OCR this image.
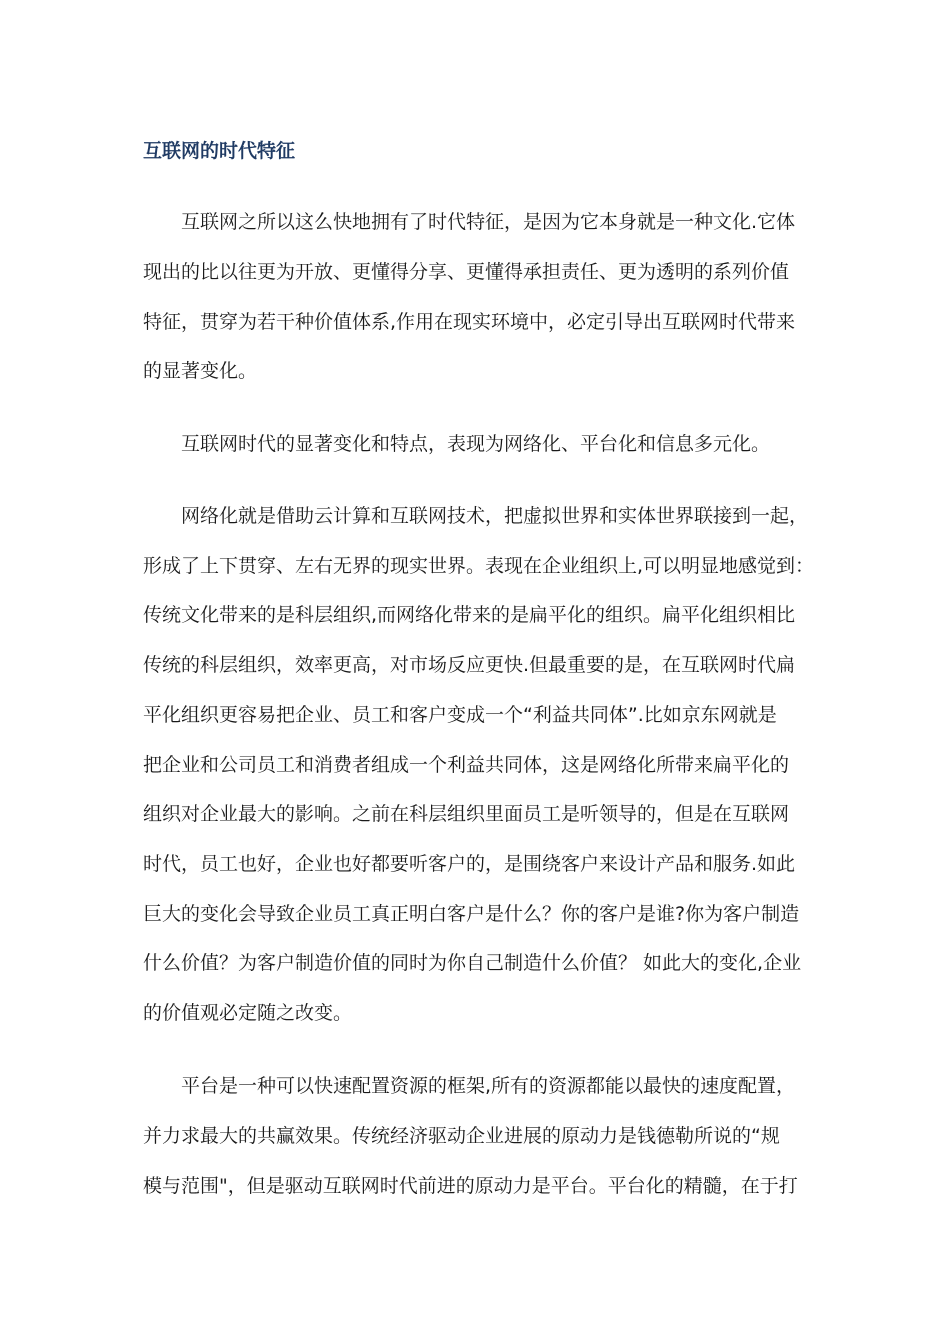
互联网的时代特征

互联网之所以这么快地拥有了时代特征，是因为它本身就是一种文化.它体

现出的比以往更为开放、更懂得分享、更懂得承担责任、更为透明的系列价值

特征，贯穿为若干种价值体系,作用在现实环境中，必定引导出互联网时代带来

的显著变化。

互联网时代的显著变化和特点，表现为网络化、平台化和信息多元化。

网络化就是借助云计算和互联网技术，把虚拟世界和实体世界联接到一起，

形成了上下贯穿、左右无界的现实世界。表现在企业组织上,可以明显地感觉到：

传统文化带来的是科层组织,而网络化带来的是扁平化的组织。扁平化组织相比

传统的科层组织，效率更高，对市场反应更快.但最重要的是，在互联网时代扁

平化组织更容易把企业、员工和客户变成一个“利益共同体”.比如京东网就是

把企业和公司员工和消费者组成一个利益共同体，这是网络化所带来扁平化的

组织对企业最大的影响。之前在科层组织里面员工是听领导的，但是在互联网

时代，员工也好，企业也好都要听客户的，是围绕客户来设计产品和服务.如此

巨大的变化会导致企业员工真正明白客户是什么？你的客户是谁?你为客户制造

什么价值？为客户制造价值的同时为你自己制造什么价值？ 如此大的变化,企业

的价值观必定随之改变。

平台是一种可以快速配置资源的框架,所有的资源都能以最快的速度配置，

并力求最大的共赢效果。传统经济驱动企业进展的原动力是钱德勒所说的“规

模与范围"，但是驱动互联网时代前进的原动力是平台。平台化的精髓，在于打
